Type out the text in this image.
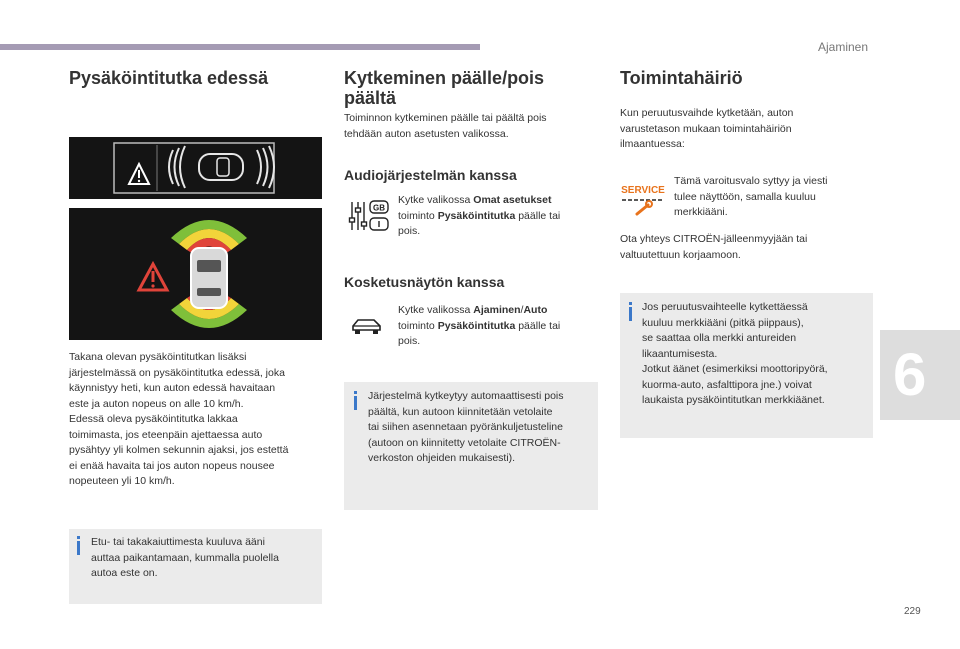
Ajaminen
6
229
Pysäköintitutka edessä
Takana olevan pysäköintitutkan lisäksi
järjestelmässä on pysäköintitutka edessä, joka
käynnistyy heti, kun auton edessä havaitaan
este ja auton nopeus on alle 10 km/h.
Edessä oleva pysäköintitutka lakkaa
toimimasta, jos eteenpäin ajettaessa auto
pysähtyy yli kolmen sekunnin ajaksi, jos estettä
ei enää havaita tai jos auton nopeus nousee
nopeuteen yli 10 km/h.
Etu- tai takakaiuttimesta kuuluva ääni
auttaa paikantamaan, kummalla puolella
autoa este on.
Kytkeminen päälle/pois
päältä
Toiminnon kytkeminen päälle tai päältä pois
tehdään auton asetusten valikossa.
Audiojärjestelmän kanssa
GB
Kytke valikossa Omat asetukset
toiminto Pysäköintitutka päälle tai
pois.
Kosketusnäytön kanssa
Kytke valikossa Ajaminen/Auto
toiminto Pysäköintitutka päälle tai
pois.
Järjestelmä kytkeytyy automaattisesti pois
päältä, kun autoon kiinnitetään vetolaite
tai siihen asennetaan pyöränkuljetusteline
(autoon on kiinnitetty vetolaite CITROËN-
verkoston ohjeiden mukaisesti).
Toimintahäiriö
Kun peruutusvaihde kytketään, auton
varustetason mukaan toimintahäiriön
ilmaantuessa:
SERVICE
Tämä varoitusvalo syttyy ja viesti
tulee näyttöön, samalla kuuluu
merkkiääni.
Ota yhteys CITROËN-jälleenmyyjään tai
valtuutettuun korjaamoon.
Jos peruutusvaihteelle kytkettäessä
kuuluu merkkiääni (pitkä piippaus),
se saattaa olla merkki antureiden
likaantumisesta.
Jotkut äänet (esimerkiksi moottoripyörä,
kuorma-auto, asfalttipora jne.) voivat
laukaista pysäköintitutkan merkkiäänet.
